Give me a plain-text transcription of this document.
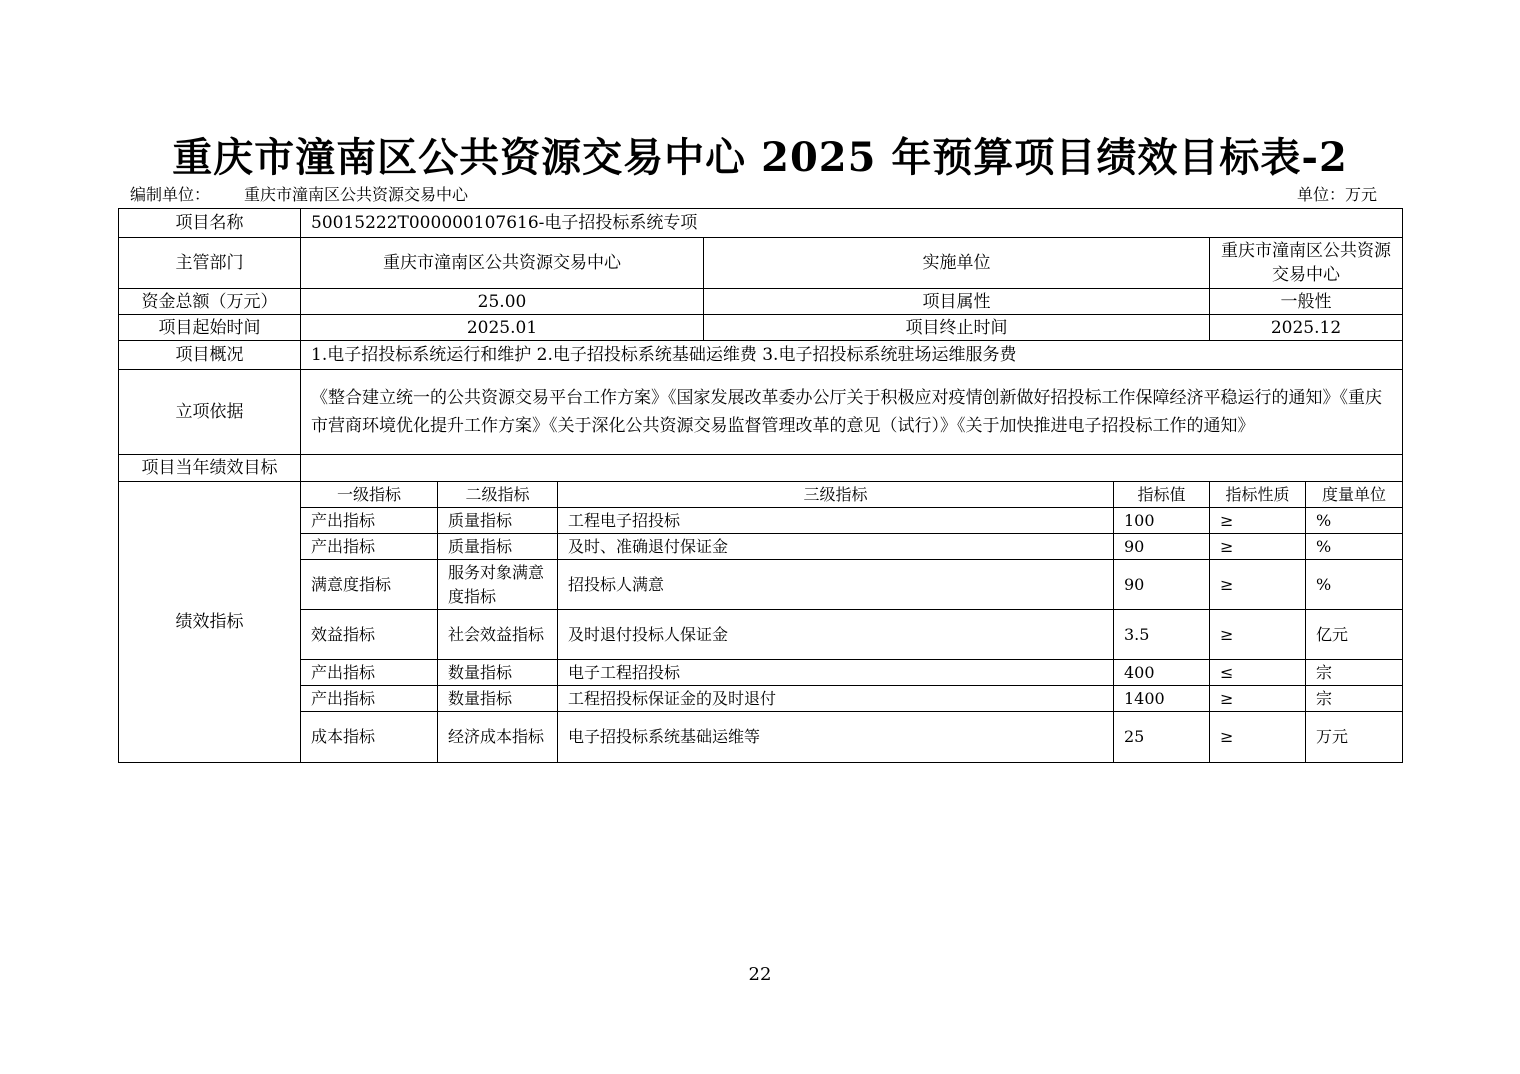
重庆市潼南区公共资源交易中心 2025 年预算项目绩效目标表-2
编制单位： 重庆市潼南区公共资源交易中心	单位：万元
项目名称	50015222T000000107616-电子招投标系统专项						
主管部门	重庆市潼南区公共资源交易中心			实施单位		重庆市潼南区公共资源交易中心	
资金总额（万元）	25.00			项目属性		一般性	
项目起始时间	2025.01			项目终止时间		2025.12	
项目概况	1.电子招投标系统运行和维护 2.电子招投标系统基础运维费 3.电子招投标系统驻场运维服务费						
立项依据	《整合建立统一的公共资源交易平台工作方案》《国家发展改革委办公厅关于积极应对疫情创新做好招投标工作保障经济平稳运行的通知》《重庆市营商环境优化提升工作方案》《关于深化公共资源交易监督管理改革的意见（试行）》《关于加快推进电子招投标工作的通知》						
项目当年绩效目标							
绩效指标	一级指标	二级指标	三级指标		指标值	指标性质	度量单位
	产出指标	质量指标	工程电子招投标		100	≥	%
	产出指标	质量指标	及时、准确退付保证金		90	≥	%
	满意度指标	服务对象满意度指标	招投标人满意		90	≥	%
	效益指标	社会效益指标	及时退付投标人保证金		3.5	≥	亿元
	产出指标	数量指标	电子工程招投标		400	≤	宗
	产出指标	数量指标	工程招投标保证金的及时退付		1400	≥	宗
	成本指标	经济成本指标	电子招投标系统基础运维等		25	≥	万元
22
